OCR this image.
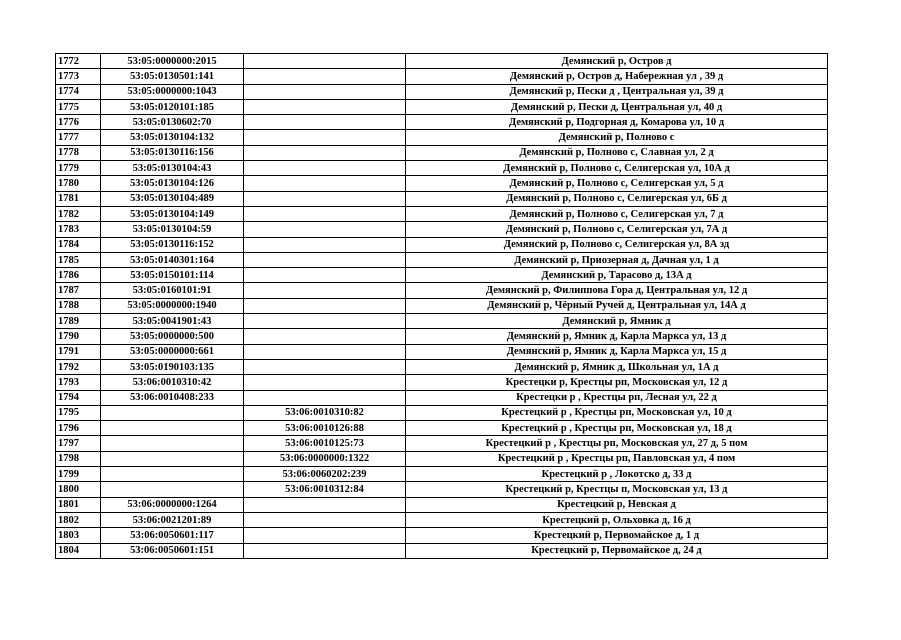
1772	53:05:0000000:2015		Демянский р, Остров д
1773	53:05:0130501:141		Демянский р, Остров д, Набережная ул , 39 д
1774	53:05:0000000:1043		Демянский р, Пески д , Центральная ул, 39 д
1775	53:05:0120101:185		Демянский р, Пески д, Центральная ул, 40 д
1776	53:05:0130602:70		Демянский р, Подгорная д, Комарова ул, 10 д
1777	53:05:0130104:132		Демянский р, Полново с
1778	53:05:0130116:156		Демянский р, Полново с, Славная ул, 2 д
1779	53:05:0130104:43		Демянский р, Полново с, Селигерская ул, 10А д
1780	53:05:0130104:126		Демянский р, Полново с, Селигерская ул, 5 д
1781	53:05:0130104:489		Демянский р, Полново с, Селигерская ул, 6Б д
1782	53:05:0130104:149		Демянский р, Полново с, Селигерская ул, 7 д
1783	53:05:0130104:59		Демянский р, Полново с, Селигерская ул, 7А д
1784	53:05:0130116:152		Демянский р, Полново с, Селигерская ул, 8А зд
1785	53:05:0140301:164		Демянский р, Приозерная д, Дачная ул, 1 д
1786	53:05:0150101:114		Демянский р, Тарасово д, 13А д
1787	53:05:0160101:91		Демянский р, Филиппова Гора д, Центральная ул, 12 д
1788	53:05:0000000:1940		Демянский р, Чёрный Ручей д, Центральная ул, 14А д
1789	53:05:0041901:43		Демянский р, Ямник д
1790	53:05:0000000:500		Демянский р, Ямник д, Карла Маркса ул, 13 д
1791	53:05:0000000:661		Демянский р, Ямник д, Карла Маркса ул, 15 д
1792	53:05:0190103:135		Демянский р, Ямник д, Школьная ул, 1А д
1793	53:06:0010310:42		Крестецки р, Крестцы рп, Московская ул, 12 д
1794	53:06:0010408:233		Крестецки р , Крестцы рп, Лесная ул, 22 д
1795		53:06:0010310:82	Крестецкий р , Крестцы рп, Московская ул, 10 д
1796		53:06:0010126:88	Крестецкий р , Крестцы рп, Московская ул, 18 д
1797		53:06:0010125:73	Крестецкий р , Крестцы рп, Московская ул, 27 д, 5 пом
1798		53:06:0000000:1322	Крестецкий р , Крестцы рп, Павловская ул, 4 пом
1799		53:06:0060202:239	Крестецкий р , Локотско д, 33 д
1800		53:06:0010312:84	Крестецкий р, Крестцы п, Московская ул, 13 д
1801	53:06:0000000:1264		Крестецкий р, Невская д
1802	53:06:0021201:89		Крестецкий р, Ольховка д, 16 д
1803	53:06:0050601:117		Крестецкий р, Первомайское д, 1 д
1804	53:06:0050601:151		Крестецкий р, Первомайское д, 24 д
